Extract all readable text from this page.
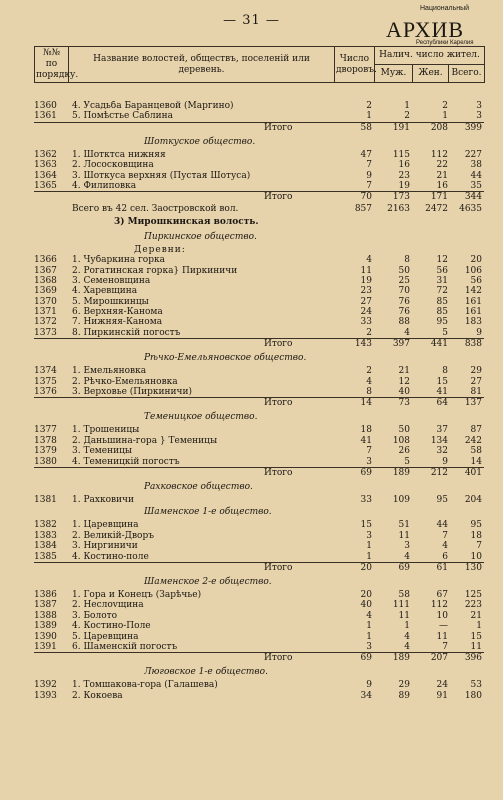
— 31 —
Национальный
АРХИВ
Республики Карелия
№№ по порядку.	Название волостей, обществъ, поселеній или деревень.	Число дворовъ.	Налич. число жител.		
			Муж.	Жен.	Всего.
1360	4. Усадьба Баранцевой (Маргино)	2	1	2	3
1361	5. Помѣстье Саблина	1	2	1	3
Итого	58	191	208	399
Шоткуское общество.
1362	1. Шотктса нижняя	47	115	112	227
1363	2. Лососковщина	7	16	22	38
1364	3. Шоткуса верхняя (Пустая Шотуса)	9	23	21	44
1365	4. Филиповка	7	19	16	35
Итого	70	173	171	344
Всего въ 42 сел. Заостровской вол.	857	2163	2472	4635
3) Мирошкинская волость.
Пиркинское общество.
Деревни:
1366	1. Чубаркина горка	4	8	12	20
1367	2. Рогатинская горка} Пиркиничи	11	50	56	106
1368	3. Семеновщина	19	25	31	56
1369	4. Харевщина	23	70	72	142
1370	5. Мирошкинцы	27	76	85	161
1371	6. Верхняя-Канома	24	76	85	161
1372	7. Нижняя-Канома	33	88	95	183
1373	8. Пиркинскій погостъ	2	4	5	9
Итого	143	397	441	838
Рѣчко-Емельяновское общество.
1374	1. Емельяновка	2	21	8	29
1375	2. Рѣчко-Емельяновка	4	12	15	27
1376	3. Верховье (Пиркиничи)	8	40	41	81
Итого	14	73	64	137
Теменицкое общество.
1377	1. Трошеницы	18	50	37	87
1378	2. Даньшина-гора } Теменицы	41	108	134	242
1379	3. Теменицы	7	26	32	58
1380	4. Теменицкій погостъ	3	5	9	14
Итого	69	189	212	401
Рахковское общество.
1381	1. Рахковичи	33	109	95	204
Шаменское 1-е общество.
1382	1. Царевщина	15	51	44	95
1383	2. Великій-Дворъ	3	11	7	18
1384	3. Ниргиничи	1	3	4	7
1385	4. Костино-поле	1	4	6	10
Итого	20	69	61	130
Шаменское 2-е общество.
1386	1. Гора и Конецъ (Зарѣчье)	20	58	67	125
1387	2. Неслovщина	40	111	112	223
1388	3. Болото	4	11	10	21
1389	4. Костино-Поле	1	1	—	1
1390	5. Царевщина	1	4	11	15
1391	6. Шаменскій погостъ	3	4	7	11
Итого	69	189	207	396
Люговское 1-е общество.
1392	1. Томшакова-гора (Галашева)	9	29	24	53
1393	2. Кокоева	34	89	91	180
